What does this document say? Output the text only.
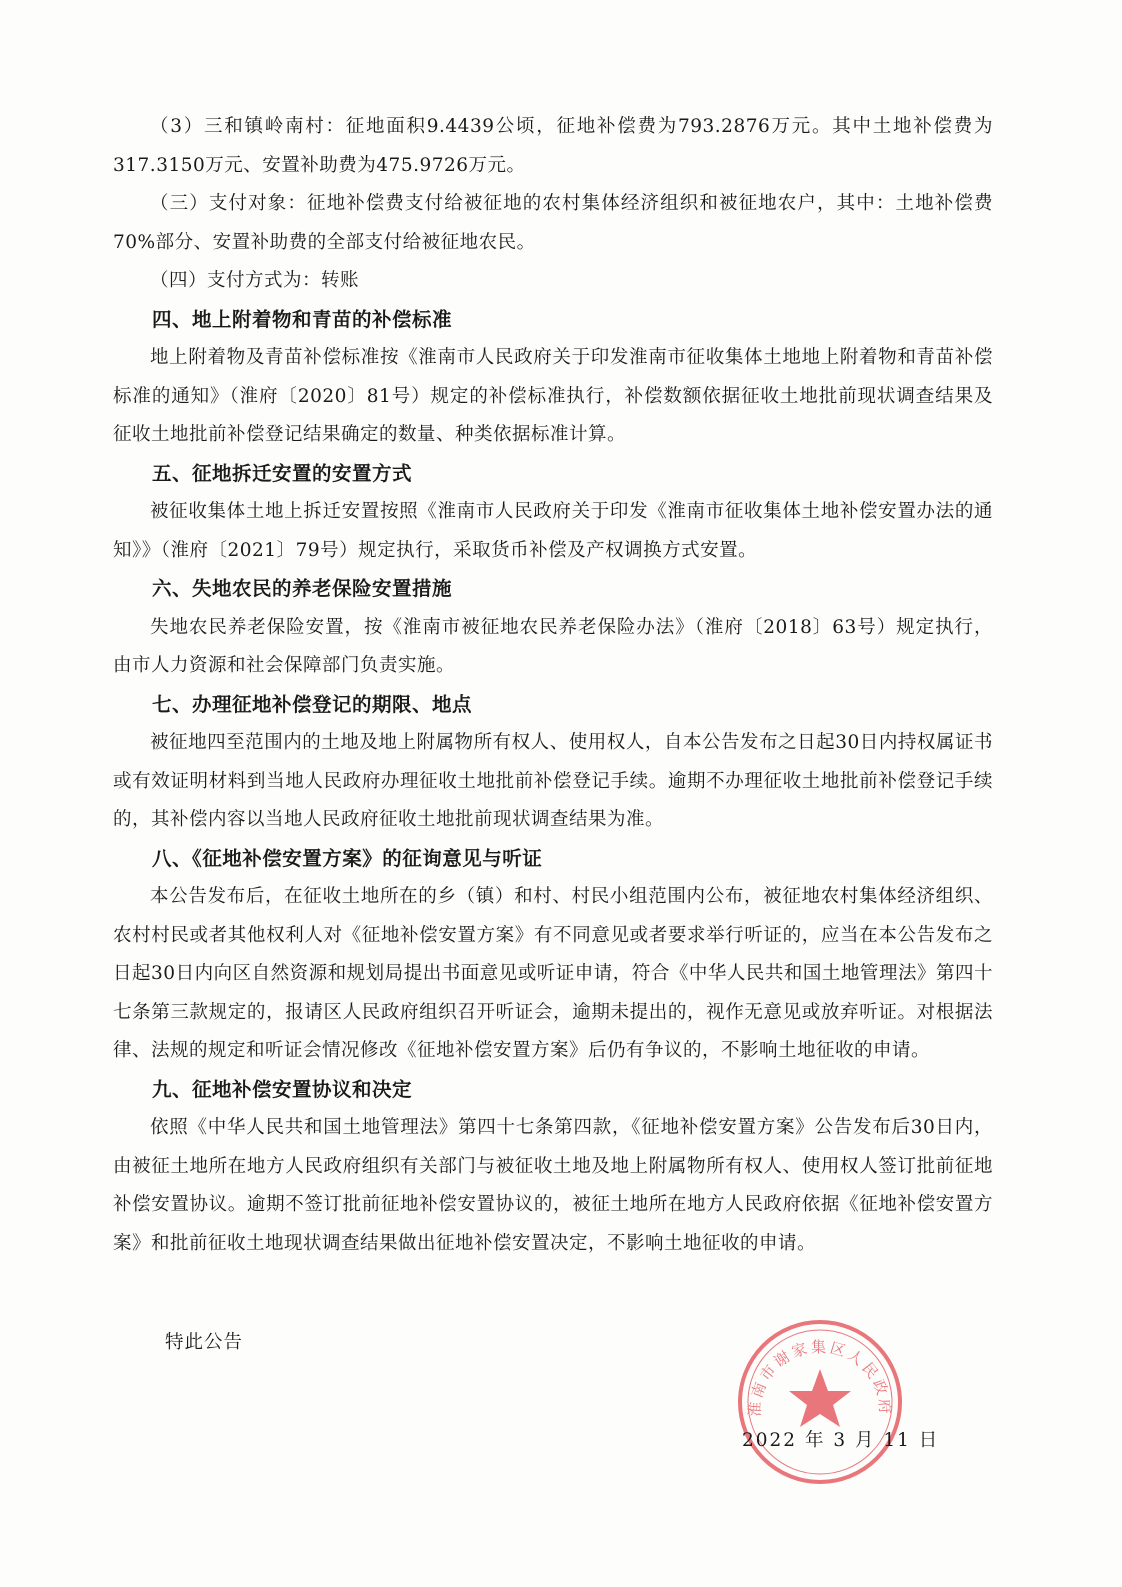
（3）三和镇岭南村：征地面积9.4439公顷，征地补偿费为793.2876万元。其中土地补偿费为317.3150万元、安置补助费为475.9726万元。

（三）支付对象：征地补偿费支付给被征地的农村集体经济组织和被征地农户，其中：土地补偿费70%部分、安置补助费的全部支付给被征地农民。

（四）支付方式为：转账

四、地上附着物和青苗的补偿标准

地上附着物及青苗补偿标准按《淮南市人民政府关于印发淮南市征收集体土地地上附着物和青苗补偿标准的通知》（淮府〔2020〕81号）规定的补偿标准执行，补偿数额依据征收土地批前现状调查结果及征收土地批前补偿登记结果确定的数量、种类依据标准计算。

五、征地拆迁安置的安置方式

被征收集体土地上拆迁安置按照《淮南市人民政府关于印发《淮南市征收集体土地补偿安置办法的通知》》（淮府〔2021〕79号）规定执行，采取货币补偿及产权调换方式安置。

六、失地农民的养老保险安置措施

失地农民养老保险安置，按《淮南市被征地农民养老保险办法》（淮府〔2018〕63号）规定执行，由市人力资源和社会保障部门负责实施。

七、办理征地补偿登记的期限、地点

被征地四至范围内的土地及地上附属物所有权人、使用权人，自本公告发布之日起30日内持权属证书或有效证明材料到当地人民政府办理征收土地批前补偿登记手续。逾期不办理征收土地批前补偿登记手续的，其补偿内容以当地人民政府征收土地批前现状调查结果为准。

八、《征地补偿安置方案》的征询意见与听证

本公告发布后，在征收土地所在的乡（镇）和村、村民小组范围内公布，被征地农村集体经济组织、农村村民或者其他权利人对《征地补偿安置方案》有不同意见或者要求举行听证的，应当在本公告发布之日起30日内向区自然资源和规划局提出书面意见或听证申请，符合《中华人民共和国土地管理法》第四十七条第三款规定的，报请区人民政府组织召开听证会，逾期未提出的，视作无意见或放弃听证。对根据法律、法规的规定和听证会情况修改《征地补偿安置方案》后仍有争议的，不影响土地征收的申请。

九、征地补偿安置协议和决定

依照《中华人民共和国土地管理法》第四十七条第四款，《征地补偿安置方案》公告发布后30日内，由被征土地所在地方人民政府组织有关部门与被征收土地及地上附属物所有权人、使用权人签订批前征地补偿安置协议。逾期不签订批前征地补偿安置协议的，被征土地所在地方人民政府依据《征地补偿安置方案》和批前征收土地现状调查结果做出征地补偿安置决定，不影响土地征收的申请。

特此公告

淮南市谢家集区人民政府

2022 年 3 月 11 日
